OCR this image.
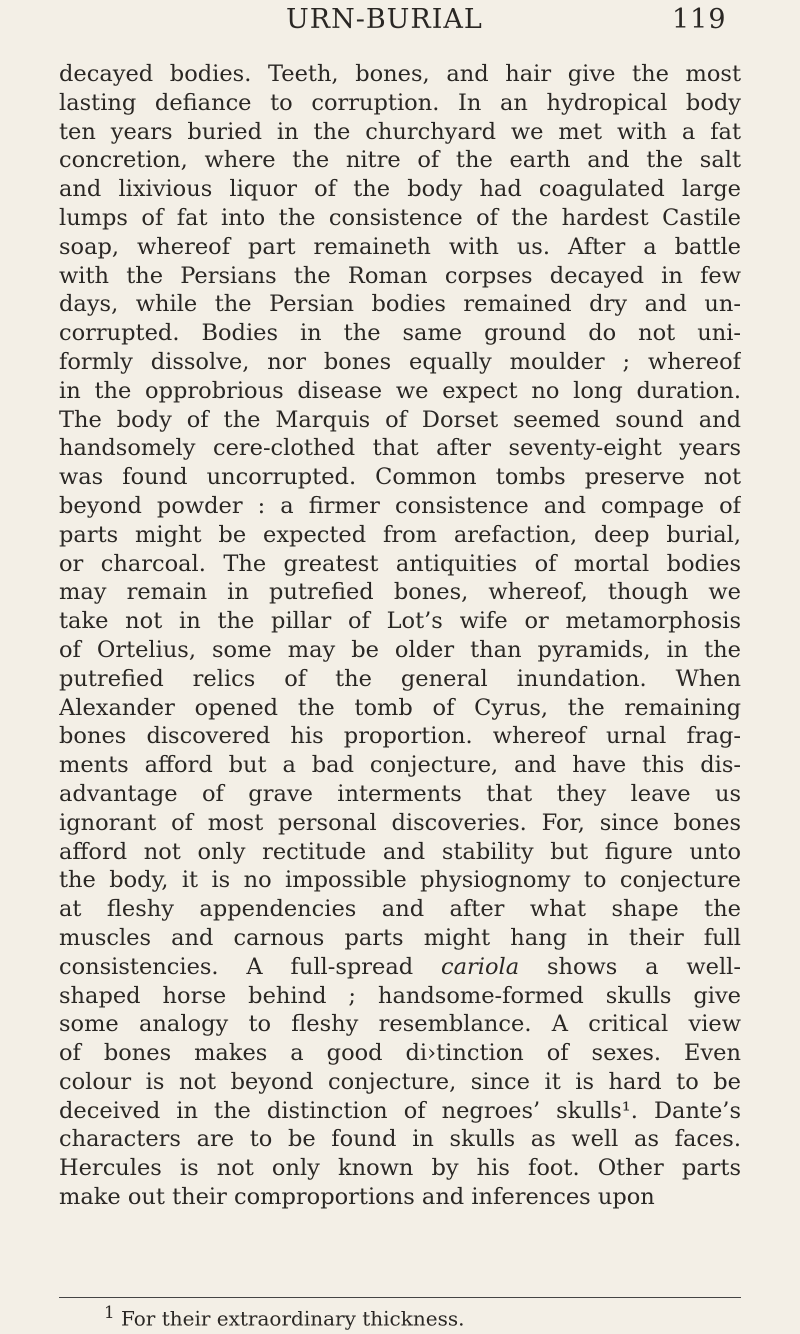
URN-BURIAL	119
decayed bodies. Teeth, bones, and hair give the most
lasting defiance to corruption. In an hydropical body
ten years buried in the churchyard we met with a fat
concretion, where the nitre of the earth and the salt
and lixivious liquor of the body had coagulated large
lumps of fat into the consistence of the hardest Castile
soap, whereof part remaineth with us. After a battle
with the Persians the Roman corpses decayed in few
days, while the Persian bodies remained dry and un-
corrupted. Bodies in the same ground do not uni-
formly dissolve, nor bones equally moulder ; whereof
in the opprobrious disease we expect no long duration.
The body of the Marquis of Dorset seemed sound and
handsomely cere-clothed that after seventy-eight years
was found uncorrupted. Common tombs preserve not
beyond powder : a firmer consistence and compage of
parts might be expected from arefaction, deep burial,
or charcoal. The greatest antiquities of mortal bodies
may remain in putrefied bones, whereof, though we
take not in the pillar of Lot’s wife or metamorphosis
of Ortelius, some may be older than pyramids, in the
putrefied relics of the general inundation. When
Alexander opened the tomb of Cyrus, the remaining
bones discovered his proportion. whereof urnal frag-
ments afford but a bad conjecture, and have this dis-
advantage of grave interments that they leave us
ignorant of most personal discoveries. For, since bones
afford not only rectitude and stability but figure unto
the body, it is no impossible physiognomy to conjecture
at fleshy appendencies and after what shape the
muscles and carnous parts might hang in their full
consistencies. A full-spread cariola shows a well-
shaped horse behind ; handsome-formed skulls give
some analogy to fleshy resemblance. A critical view
of bones makes a good di›tinction of sexes. Even
colour is not beyond conjecture, since it is hard to be
deceived in the distinction of negroes’ skulls¹. Dante’s
characters are to be found in skulls as well as faces.
Hercules is not only known by his foot. Other parts
make out their comproportions and inferences upon
$^1$ For their extraordinary thickness.
